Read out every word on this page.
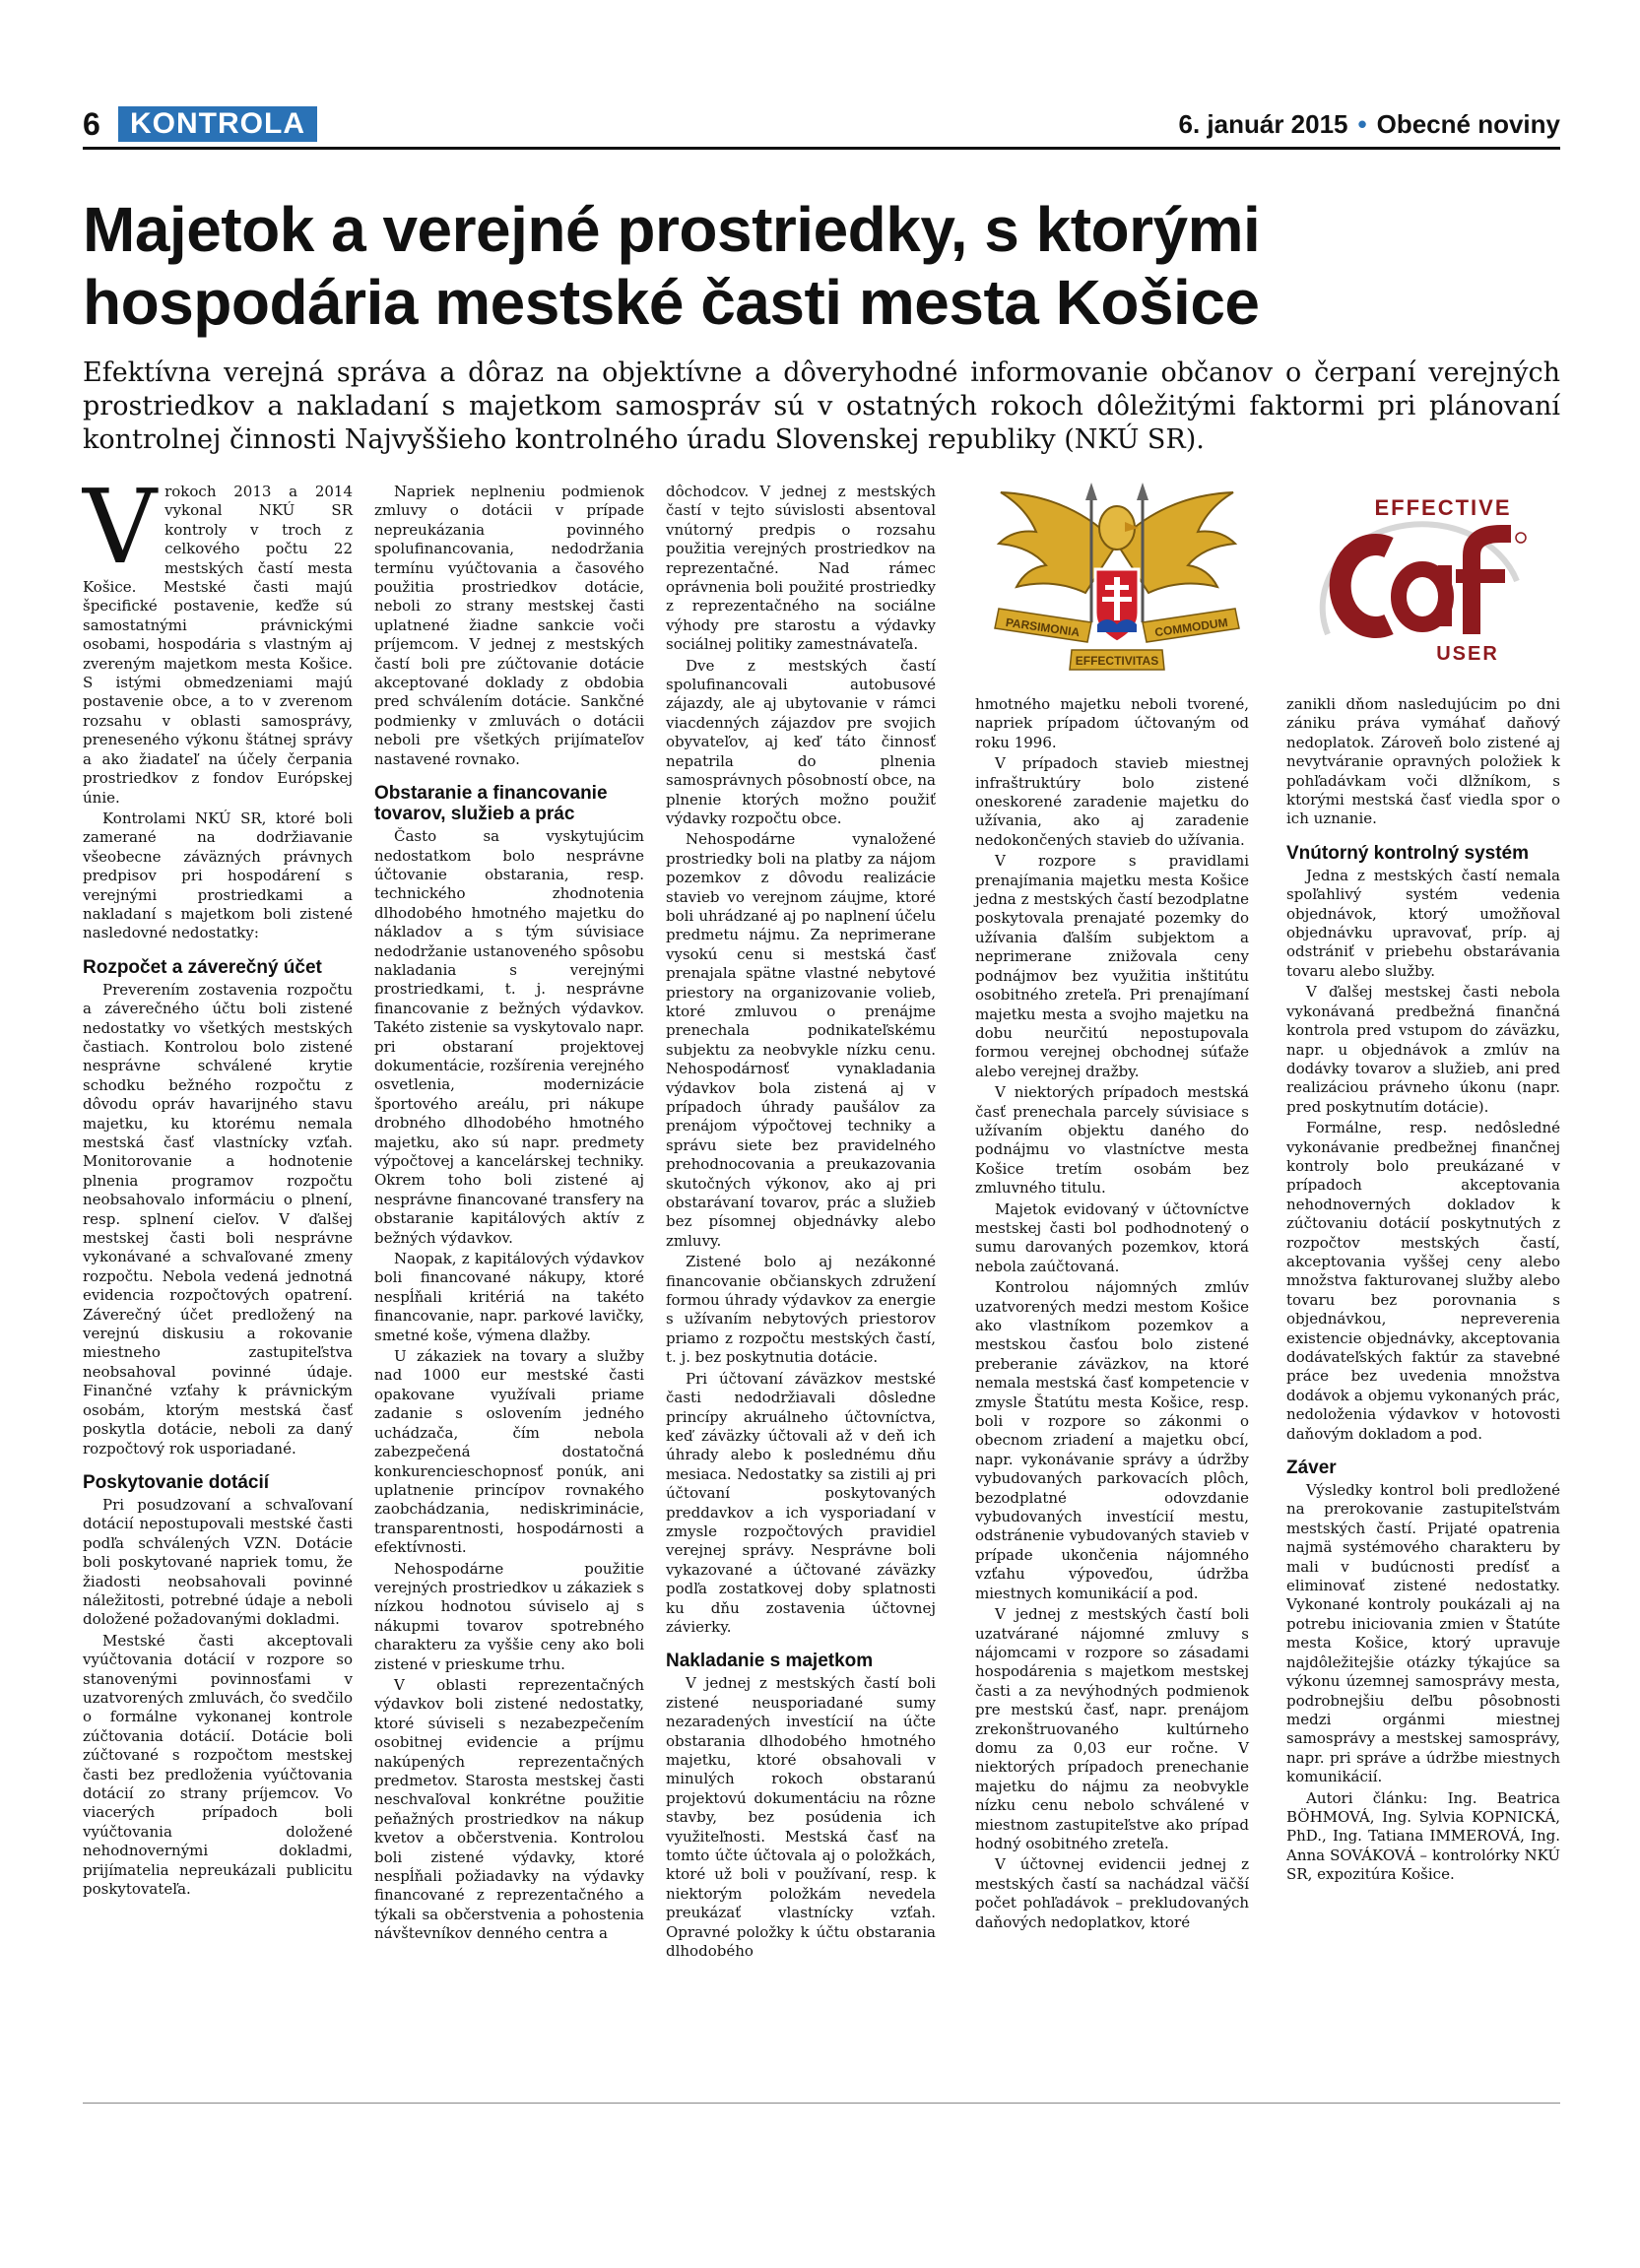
6	KONTROLA	6. január 2015 • Obecné noviny
Majetok a verejné prostriedky, s ktorými hospodária mestské časti mesta Košice

Efektívna verejná správa a dôraz na objektívne a dôveryhodné informovanie občanov o čerpaní verejných prostriedkov a nakladaní s majetkom samospráv sú v ostatných rokoch dôležitými faktormi pri plánovaní kontrolnej činnosti Najvyššieho kontrolného úradu Slovenskej republiky (NKÚ SR).

Vrokoch 2013 a 2014 vykonal NKÚ SR kontroly v troch z celkového počtu 22 mestských častí mesta Košice. Mestské časti majú špecifické postavenie, keďže sú samostatnými právnickými osobami, hospodária s vlastným aj zvereným majetkom mesta Košice. S istými obmedzeniami majú postavenie obce, a to v zverenom rozsahu v oblasti samosprávy, preneseného výkonu štátnej správy a ako žiadateľ na účely čerpania prostriedkov z fondov Európskej únie.

Kontrolami NKÚ SR, ktoré boli zamerané na dodržiavanie všeobecne záväzných právnych predpisov pri hospodárení s verejnými prostriedkami a nakladaní s majetkom boli zistené nasledovné nedostatky:

Rozpočet a záverečný účet

Preverením zostavenia rozpočtu a záverečného účtu boli zistené nedostatky vo všetkých mestských častiach. Kontrolou bolo zistené nesprávne schválené krytie schodku bežného rozpočtu z dôvodu opráv havarijného stavu majetku, ku ktorému nemala mestská časť vlastnícky vzťah. Monitorovanie a hodnotenie plnenia programov rozpočtu neobsahovalo informáciu o plnení, resp. splnení cieľov. V ďalšej mestskej časti boli nesprávne vykonávané a schvaľované zmeny rozpočtu. Nebola vedená jednotná evidencia rozpočtových opatrení. Záverečný účet predložený na verejnú diskusiu a rokovanie miestneho zastupiteľstva neobsahoval povinné údaje. Finančné vzťahy k právnickým osobám, ktorým mestská časť poskytla dotácie, neboli za daný rozpočtový rok usporiadané.

Poskytovanie dotácií

Pri posudzovaní a schvaľovaní dotácií nepostupovali mestské časti podľa schválených VZN. Dotácie boli poskytované napriek tomu, že žiadosti neobsahovali povinné náležitosti, potrebné údaje a neboli doložené požadovanými dokladmi.

Mestské časti akceptovali vyúčtovania dotácií v rozpore so stanovenými povinnosťami v uzatvorených zmluvách, čo svedčilo o formálne vykonanej kontrole zúčtovania dotácií. Dotácie boli zúčtované s rozpočtom mestskej časti bez predloženia vyúčtovania dotácií zo strany príjemcov. Vo viacerých prípadoch boli vyúčtovania doložené nehodnovernými dokladmi, prijímatelia nepreukázali publicitu poskytovateľa.

Napriek neplneniu podmienok zmluvy o dotácii v prípade nepreukázania povinného spolufinancovania, nedodržania termínu vyúčtovania a časového použitia prostriedkov dotácie, neboli zo strany mestskej časti uplatnené žiadne sankcie voči príjemcom. V jednej z mestských častí boli pre zúčtovanie dotácie akceptované doklady z obdobia pred schválením dotácie. Sankčné podmienky v zmluvách o dotácii neboli pre všetkých prijímateľov nastavené rovnako.

Obstaranie a financovanie tovarov, služieb a prác

Často sa vyskytujúcim nedostatkom bolo nesprávne účtovanie obstarania, resp. technického zhodnotenia dlhodobého hmotného majetku do nákladov a s tým súvisiace nedodržanie ustanoveného spôsobu nakladania s verejnými prostriedkami, t. j. nesprávne financovanie z bežných výdavkov. Takéto zistenie sa vyskytovalo napr. pri obstaraní projektovej dokumentácie, rozšírenia verejného osvetlenia, modernizácie športového areálu, pri nákupe drobného dlhodobého hmotného majetku, ako sú napr. predmety výpočtovej a kancelárskej techniky. Okrem toho boli zistené aj nesprávne financované transfery na obstaranie kapitálových aktív z bežných výdavkov.

Naopak, z kapitálových výdavkov boli financované nákupy, ktoré nespĺňali kritériá na takéto financovanie, napr. parkové lavičky, smetné koše, výmena dlažby.

U zákaziek na tovary a služby nad 1000 eur mestské časti opakovane využívali priame zadanie s oslovením jedného uchádzača, čím nebola zabezpečená dostatočná konkurencieschopnosť ponúk, ani uplatnenie princípov rovnakého zaobchádzania, nediskriminácie, transparentnosti, hospodárnosti a efektívnosti.

Nehospodárne použitie verejných prostriedkov u zákaziek s nízkou hodnotou súviselo aj s nákupmi tovarov spotrebného charakteru za vyššie ceny ako boli zistené v prieskume trhu.

V oblasti reprezentačných výdavkov boli zistené nedostatky, ktoré súviseli s nezabezpečením osobitnej evidencie a príjmu nakúpených reprezentačných predmetov. Starosta mestskej časti neschvaľoval konkrétne použitie peňažných prostriedkov na nákup kvetov a občerstvenia. Kontrolou boli zistené výdavky, ktoré nespĺňali požiadavky na výdavky financované z reprezentačného a týkali sa občerstvenia a pohostenia návštevníkov denného centra a

dôchodcov. V jednej z mestských častí v tejto súvislosti absentoval vnútorný predpis o rozsahu použitia verejných prostriedkov na reprezentačné. Nad rámec oprávnenia boli použité prostriedky z reprezentačného na sociálne výhody pre starostu a výdavky sociálnej politiky zamestnávateľa.

Dve z mestských častí spolufinancovali autobusové zájazdy, ale aj ubytovanie v rámci viacdenných zájazdov pre svojich obyvateľov, aj keď táto činnosť nepatrila do plnenia samosprávnych pôsobností obce, na plnenie ktorých možno použiť výdavky rozpočtu obce.

Nehospodárne vynaložené prostriedky boli na platby za nájom pozemkov z dôvodu realizácie stavieb vo verejnom záujme, ktoré boli uhrádzané aj po naplnení účelu predmetu nájmu. Za neprimerane vysokú cenu si mestská časť prenajala spätne vlastné nebytové priestory na organizovanie volieb, ktoré zmluvou o prenájme prenechala podnikateľskému subjektu za neobvykle nízku cenu. Nehospodárnosť vynakladania výdavkov bola zistená aj v prípadoch úhrady paušálov za prenájom výpočtovej techniky a správu siete bez pravidelného prehodnocovania a preukazovania skutočných výkonov, ako aj pri obstarávaní tovarov, prác a služieb bez písomnej objednávky alebo zmluvy.

Zistené bolo aj nezákonné financovanie občianskych združení formou úhrady výdavkov za energie s užívaním nebytových priestorov priamo z rozpočtu mestských častí, t. j. bez poskytnutia dotácie.

Pri účtovaní záväzkov mestské časti nedodržiavali dôsledne princípy akruálneho účtovníctva, keď záväzky účtovali až v deň ich úhrady alebo k poslednému dňu mesiaca. Nedostatky sa zistili aj pri účtovaní poskytovaných preddavkov a ich vysporiadaní v zmysle rozpočtových pravidiel verejnej správy. Nesprávne boli vykazované a účtované záväzky podľa zostatkovej doby splatnosti ku dňu zostavenia účtovnej závierky.

Nakladanie s majetkom

V jednej z mestských častí boli zistené neusporiadané sumy nezaradených investícií na účte obstarania dlhodobého hmotného majetku, ktoré obsahovali v minulých rokoch obstaranú projektovú dokumentáciu na rôzne stavby, bez posúdenia ich využiteľnosti. Mestská časť na tomto účte účtovala aj o položkách, ktoré už boli v používaní, resp. k niektorým položkám nevedela preukázať vlastnícky vzťah. Opravné položky k účtu obstarania dlhodobého

PARSIMONIA	COMMODUM
EFFECTIVITAS
EFFECTIVE
USER

hmotného majetku neboli tvorené, napriek prípadom účtovaným od roku 1996.

V prípadoch stavieb miestnej infraštruktúry bolo zistené oneskorené zaradenie majetku do užívania, ako aj zaradenie nedokončených stavieb do užívania.

V rozpore s pravidlami prenajímania majetku mesta Košice jedna z mestských častí bezodplatne poskytovala prenajaté pozemky do užívania ďalším subjektom a neprimerane znižovala ceny podnájmov bez využitia inštitútu osobitného zreteľa. Pri prenajímaní majetku mesta a svojho majetku na dobu neurčitú nepostupovala formou verejnej obchodnej súťaže alebo verejnej dražby.

V niektorých prípadoch mestská časť prenechala parcely súvisiace s užívaním objektu daného do podnájmu vo vlastníctve mesta Košice tretím osobám bez zmluvného titulu.

Majetok evidovaný v účtovníctve mestskej časti bol podhodnotený o sumu darovaných pozemkov, ktorá nebola zaúčtovaná.

Kontrolou nájomných zmlúv uzatvorených medzi mestom Košice ako vlastníkom pozemkov a mestskou časťou bolo zistené preberanie záväzkov, na ktoré nemala mestská časť kompetencie v zmysle Štatútu mesta Košice, resp. boli v rozpore so zákonmi o obecnom zriadení a majetku obcí, napr. vykonávanie správy a údržby vybudovaných parkovacích plôch, bezodplatné odovzdanie vybudovaných investícií mestu, odstránenie vybudovaných stavieb v prípade ukončenia nájomného vzťahu výpoveďou, údržba miestnych komunikácií a pod.

V jednej z mestských častí boli uzatvárané nájomné zmluvy s nájomcami v rozpore so zásadami hospodárenia s majetkom mestskej časti a za nevýhodných podmienok pre mestskú časť, napr. prenájom zrekonštruovaného kultúrneho domu za 0,03 eur ročne. V niektorých prípadoch prenechanie majetku do nájmu za neobvykle nízku cenu nebolo schválené v miestnom zastupiteľstve ako prípad hodný osobitného zreteľa.

V účtovnej evidencii jednej z mestských častí sa nachádzal väčší počet pohľadávok – prekludovaných daňových nedoplatkov, ktoré

zanikli dňom nasledujúcim po dni zániku práva vymáhať daňový nedoplatok. Zároveň bolo zistené aj nevytváranie opravných položiek k pohľadávkam voči dlžníkom, s ktorými mestská časť viedla spor o ich uznanie.

Vnútorný kontrolný systém

Jedna z mestských častí nemala spoľahlivý systém vedenia objednávok, ktorý umožňoval objednávku upravovať, príp. aj odstrániť v priebehu obstarávania tovaru alebo služby.

V ďalšej mestskej časti nebola vykonávaná predbežná finančná kontrola pred vstupom do záväzku, napr. u objednávok a zmlúv na dodávky tovarov a služieb, ani pred realizáciou právneho úkonu (napr. pred poskytnutím dotácie).

Formálne, resp. nedôsledné vykonávanie predbežnej finančnej kontroly bolo preukázané v prípadoch akceptovania nehodnoverných dokladov k zúčtovaniu dotácií poskytnutých z rozpočtov mestských častí, akceptovania vyššej ceny alebo množstva fakturovanej služby alebo tovaru bez porovnania s objednávkou, nepreverenia existencie objednávky, akceptovania dodávateľských faktúr za stavebné práce bez uvedenia množstva dodávok a objemu vykonaných prác, nedoloženia výdavkov v hotovosti daňovým dokladom a pod.

Záver

Výsledky kontrol boli predložené na prerokovanie zastupiteľstvám mestských častí. Prijaté opatrenia najmä systémového charakteru by mali v budúcnosti predísť a eliminovať zistené nedostatky. Vykonané kontroly poukázali aj na potrebu iniciovania zmien v Štatúte mesta Košice, ktorý upravuje najdôležitejšie otázky týkajúce sa výkonu územnej samosprávy mesta, podrobnejšiu deľbu pôsobnosti medzi orgánmi miestnej samosprávy a mestskej samosprávy, napr. pri správe a údržbe miestnych komunikácií.

Autori článku: Ing. Beatrica BÖHMOVÁ, Ing. Sylvia KOPNICKÁ, PhD., Ing. Tatiana IMMEROVÁ, Ing. Anna SOVÁKOVÁ – kontrolórky NKÚ SR, expozitúra Košice.
